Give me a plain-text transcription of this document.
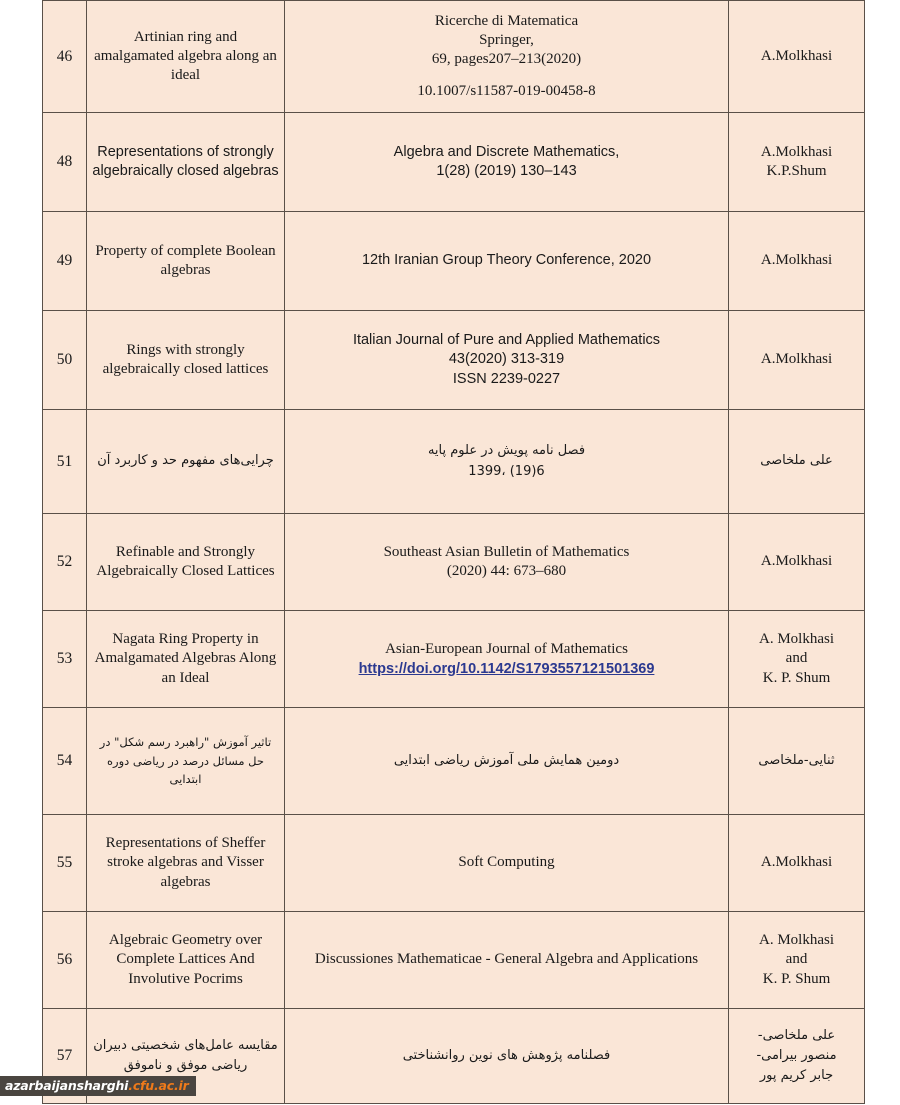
46	Artinian ring and amalgamated algebra along an ideal	Ricerche di Matematica
Springer,
69, pages207–213(2020)
10.1007/s11587-019-00458-8	A.Molkhasi

48	Representations of strongly algebraically closed algebras	Algebra and Discrete Mathematics,
1(28) (2019) 130–143	A.Molkhasi
K.P.Shum

49	Property of complete Boolean algebras	12th Iranian Group Theory Conference, 2020	A.Molkhasi

50	Rings with strongly algebraically closed lattices	Italian Journal of Pure and Applied Mathematics
43(2020) 313-319
ISSN 2239-0227	A.Molkhasi

51	چرایی‌های مفهوم حد و کاربرد آن	فصل نامه پویش در علوم پایه
6(19) ،1399	علی ملخاصی

52	Refinable and Strongly Algebraically Closed Lattices	Southeast Asian Bulletin of Mathematics
(2020) 44: 673–680	A.Molkhasi

53	Nagata Ring Property in Amalgamated Algebras Along an Ideal	Asian-European Journal of Mathematics
https://doi.org/10.1142/S1793557121501369	A. Molkhasi
and
K. P. Shum

54	تاثیر آموزش "راهبرد رسم شکل" در حل مسائل درصد در ریاضی دوره ابتدایی	دومین همایش ملی آموزش ریاضی ابتدایی	ثنایی-ملخاصی

55	Representations of Sheffer stroke algebras and Visser algebras	Soft Computing	A.Molkhasi

56	Algebraic Geometry over Complete Lattices And Involutive Pocrims	Discussiones Mathematicae - General Algebra and Applications	A. Molkhasi
and
K. P. Shum

57	مقایسه عامل‌های شخصیتی دبیران ریاضی موفق و ناموفق	فصلنامه پژوهش های نوین روانشناختی	علی ملخاصی-
منصور بیرامی-
جابر کریم پور
azarbaijansharghi.cfu.ac.ir
